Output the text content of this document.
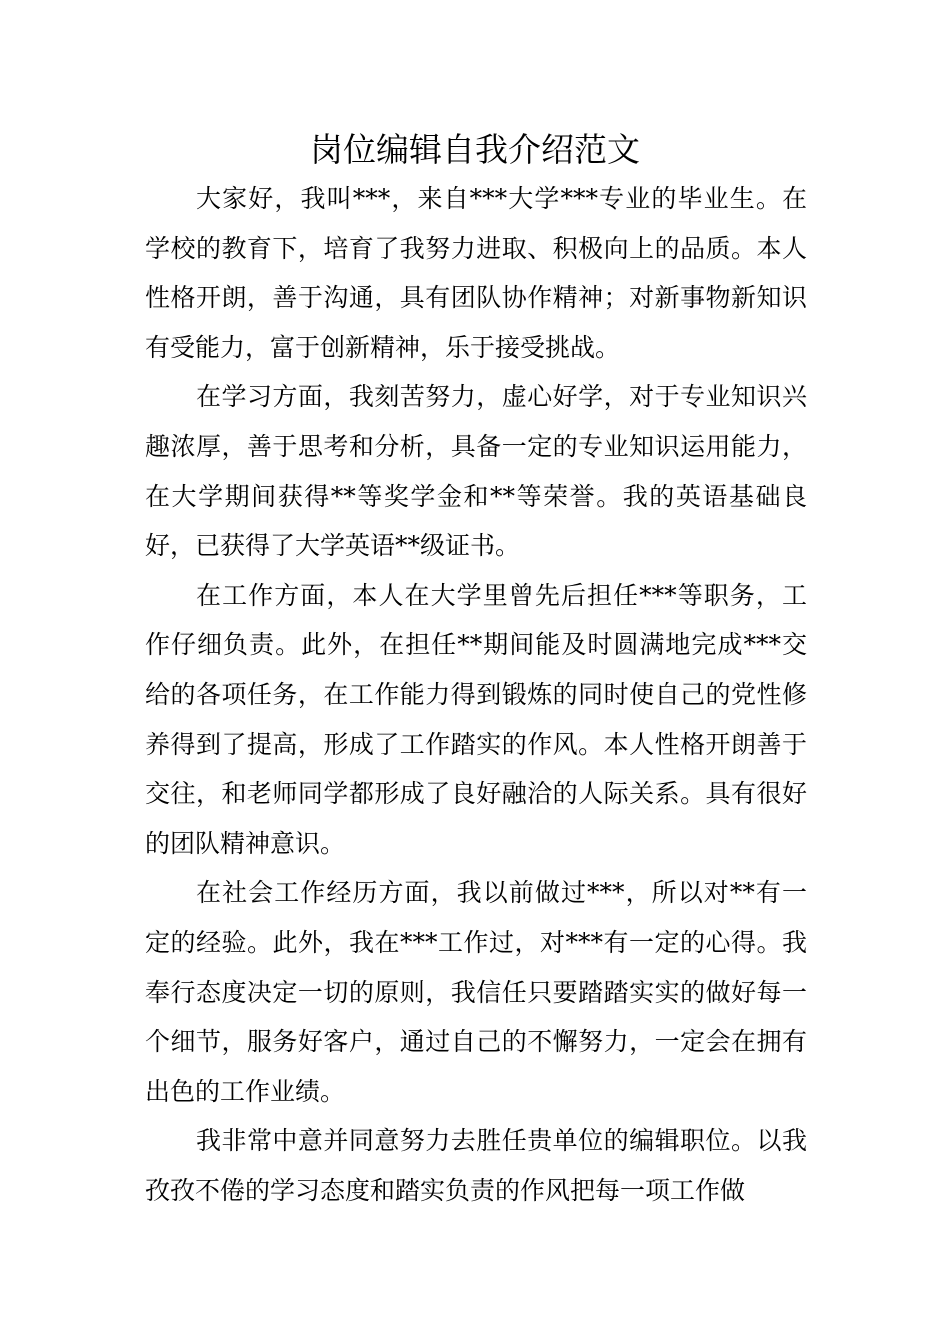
岗位编辑自我介绍范文

大家好，我叫***，来自***大学***专业的毕业生。在学校的教育下，培育了我努力进取、积极向上的品质。本人性格开朗，善于沟通，具有团队协作精神；对新事物新知识有受能力，富于创新精神，乐于接受挑战。

在学习方面，我刻苦努力，虚心好学，对于专业知识兴趣浓厚，善于思考和分析，具备一定的专业知识运用能力，在大学期间获得**等奖学金和**等荣誉。我的英语基础良好，已获得了大学英语**级证书。

在工作方面，本人在大学里曾先后担任***等职务，工作仔细负责。此外，在担任**期间能及时圆满地完成***交给的各项任务，在工作能力得到锻炼的同时使自己的党性修养得到了提高，形成了工作踏实的作风。本人性格开朗善于交往，和老师同学都形成了良好融洽的人际关系。具有很好的团队精神意识。

在社会工作经历方面，我以前做过***，所以对**有一定的经验。此外，我在***工作过，对***有一定的心得。我奉行态度决定一切的原则，我信任只要踏踏实实的做好每一个细节，服务好客户，通过自己的不懈努力，一定会在拥有出色的工作业绩。

我非常中意并同意努力去胜任贵单位的编辑职位。以我孜孜不倦的学习态度和踏实负责的作风把每一项工作做
